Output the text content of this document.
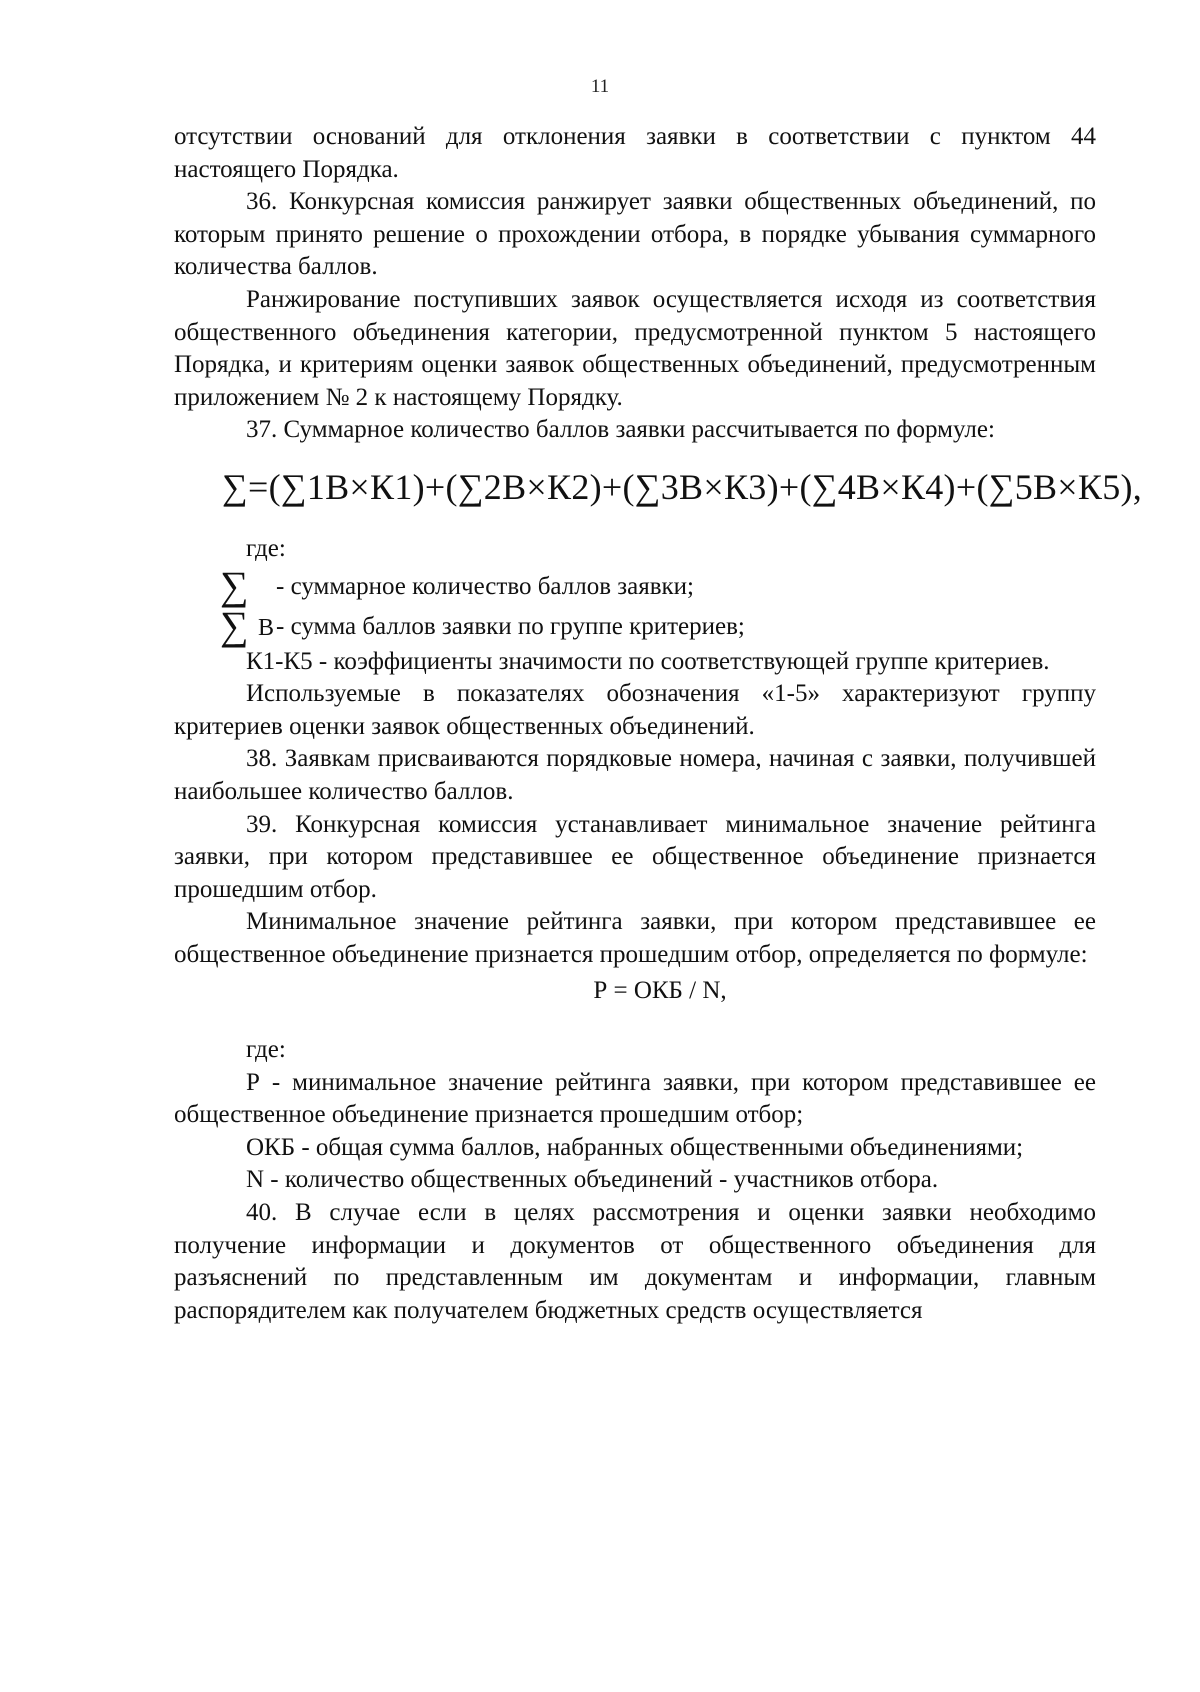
11

отсутствии оснований для отклонения заявки в соответствии с пунктом 44 настоящего Порядка.

36. Конкурсная комиссия ранжирует заявки общественных объединений, по которым принято решение о прохождении отбора, в порядке убывания суммарного количества баллов.

Ранжирование поступивших заявок осуществляется исходя из соответствия общественного объединения категории, предусмотренной пунктом 5 настоящего Порядка, и критериям оценки заявок общественных объединений, предусмотренным приложением № 2 к настоящему Порядку.

37. Суммарное количество баллов заявки рассчитывается по формуле:

∑=(∑1В×К1)+(∑2В×К2)+(∑3В×К3)+(∑4В×К4)+(∑5В×К5),
где:
∑	- суммарное количество баллов заявки;
∑ В - сумма баллов заявки по группе критериев;

К1-К5 - коэффициенты значимости по соответствующей группе критериев.

Используемые в показателях обозначения «1-5» характеризуют группу критериев оценки заявок общественных объединений.

38. Заявкам присваиваются порядковые номера, начиная с заявки, получившей наибольшее количество баллов.

39. Конкурсная комиссия устанавливает минимальное значение рейтинга заявки, при котором представившее ее общественное объединение признается прошедшим отбор.

Минимальное значение рейтинга заявки, при котором представившее ее общественное объединение признается прошедшим отбор, определяется по формуле:

Р = ОКБ / N,
где:

Р - минимальное значение рейтинга заявки, при котором представившее ее общественное объединение признается прошедшим отбор;

ОКБ - общая сумма баллов, набранных общественными объединениями;

N - количество общественных объединений - участников отбора.

40. В случае если в целях рассмотрения и оценки заявки необходимо получение информации и документов от общественного объединения для разъяснений по представленным им документам и информации, главным распорядителем как получателем бюджетных средств осуществляется
